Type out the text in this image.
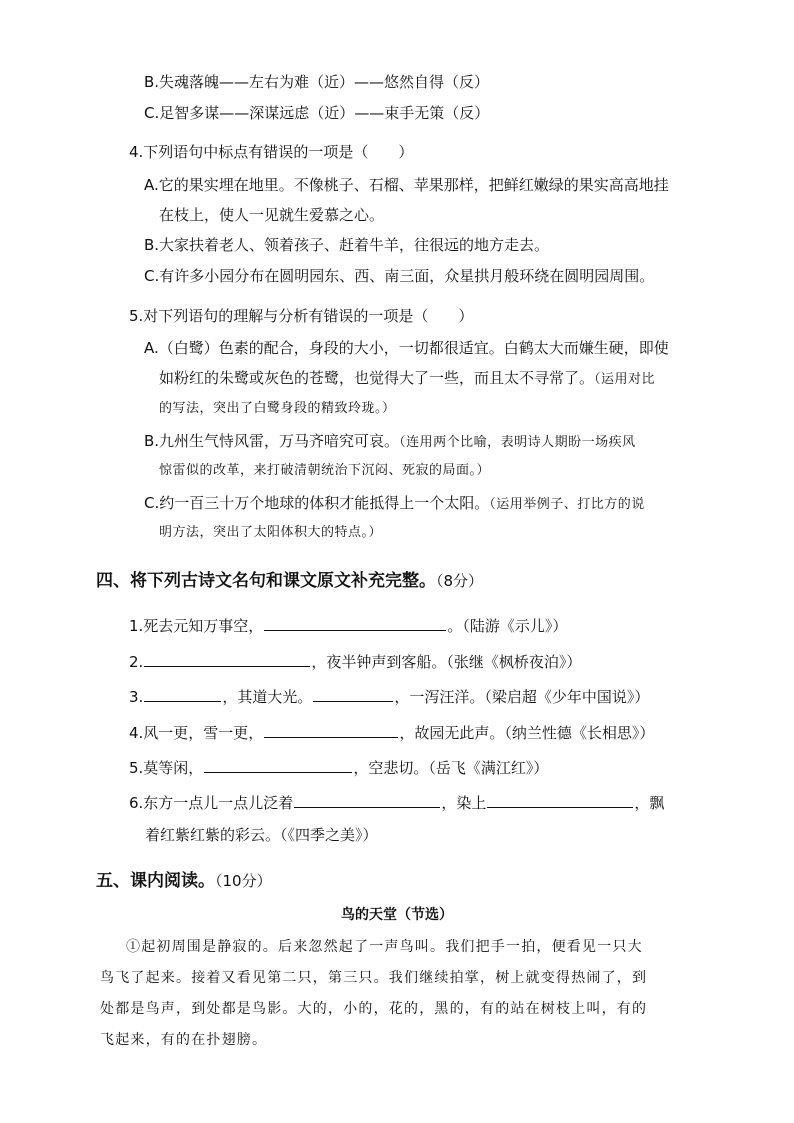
B.失魂落魄——左右为难（近）——悠然自得（反）
C.足智多谋——深谋远虑（近）——束手无策（反）
4.下列语句中标点有错误的一项是（　　）
A.它的果实埋在地里。不像桃子、石榴、苹果那样，把鲜红嫩绿的果实高高地挂
在枝上，使人一见就生爱慕之心。
B.大家扶着老人、领着孩子、赶着牛羊，往很远的地方走去。
C.有许多小园分布在圆明园东、西、南三面，众星拱月般环绕在圆明园周围。
5.对下列语句的理解与分析有错误的一项是（　　）
A.（白鹭）色素的配合，身段的大小，一切都很适宜。白鹤太大而嫌生硬，即使
如粉红的朱鹭或灰色的苍鹭，也觉得大了一些，而且太不寻常了。（运用对比
的写法，突出了白鹭身段的精致玲珑。）
B.九州生气恃风雷，万马齐喑究可哀。（连用两个比喻，表明诗人期盼一场疾风
惊雷似的改革，来打破清朝统治下沉闷、死寂的局面。）
C.约一百三十万个地球的体积才能抵得上一个太阳。（运用举例子、打比方的说
明方法，突出了太阳体积大的特点。）
四、将下列古诗文名句和课文原文补充完整。（8分）
1.死去元知万事空，	。（陆游《示儿》）
2.	，夜半钟声到客船。（张继《枫桥夜泊》）
3.	，其道大光。	，一泻汪洋。（梁启超《少年中国说》）
4.风一更，雪一更，	，故园无此声。（纳兰性德《长相思》）
5.莫等闲，	，空悲切。（岳飞《满江红》）
6.东方一点儿一点儿泛着	，染上	，飘
着红紫红紫的彩云。（《四季之美》）
五、课内阅读。（10分）
鸟的天堂（节选）
①起初周围是静寂的。后来忽然起了一声鸟叫。我们把手一拍，便看见一只大
鸟飞了起来。接着又看见第二只，第三只。我们继续拍掌，树上就变得热闹了，到
处都是鸟声，到处都是鸟影。大的，小的，花的，黑的，有的站在树枝上叫，有的
飞起来，有的在扑翅膀。
